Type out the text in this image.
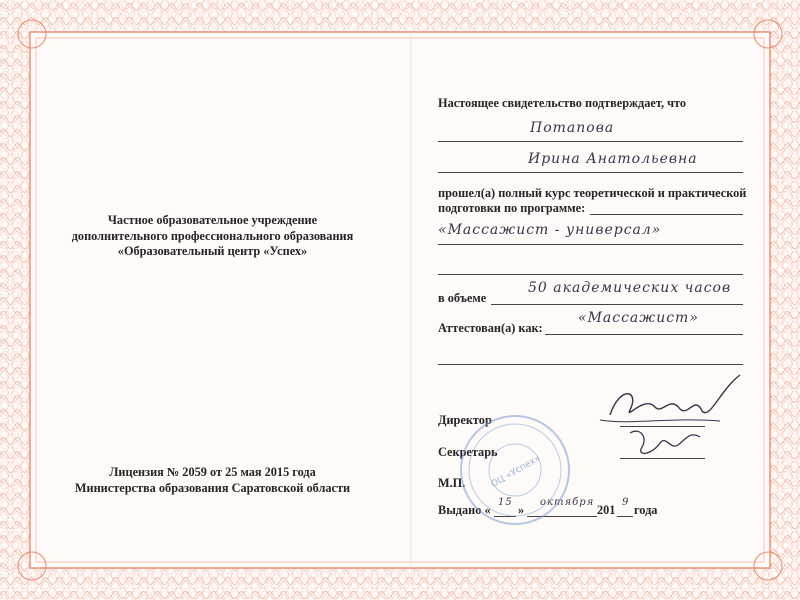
Частное образовательное учреждение
дополнительного профессионального образования
«Образовательный центр «Успех»
Лицензия № 2059 от 25 мая 2015 года
Министерства образования Саратовской области
Настоящее свидетельство подтверждает, что
Потапова
Ирина Анатольевна
прошел(а) полный курс теоретической и практической
подготовки по программе:
«Массажист - универсал»
в объеме
50 академических часов
Аттестован(а) как:
«Массажист»
Директор
Секретарь
М.П.
Выдано «
15
»
октября
201
9
года
ОЦ «Успех»
